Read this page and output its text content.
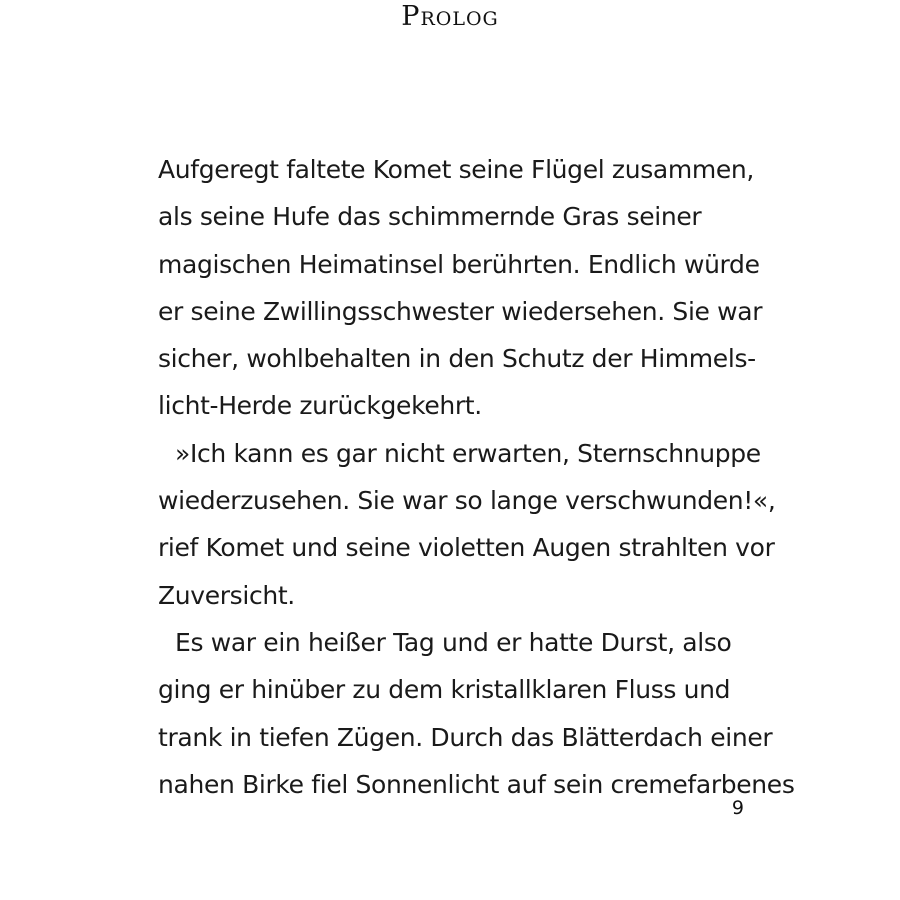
Prolog
Aufgeregt faltete Komet seine Flügel zusammen,
als seine Hufe das schimmernde Gras seiner
magischen Heimatinsel berührten. Endlich würde
er seine Zwillingsschwester wiedersehen. Sie war
sicher, wohlbehalten in den Schutz der Himmels-
licht-Herde zurückgekehrt.
»Ich kann es gar nicht erwarten, Sternschnuppe
wiederzusehen. Sie war so lange verschwunden!«,
rief Komet und seine violetten Augen strahlten vor
Zuversicht.
Es war ein heißer Tag und er hatte Durst, also
ging er hinüber zu dem kristallklaren Fluss und
trank in tiefen Zügen. Durch das Blätterdach einer
nahen Birke fiel Sonnenlicht auf sein cremefarbenes
9
